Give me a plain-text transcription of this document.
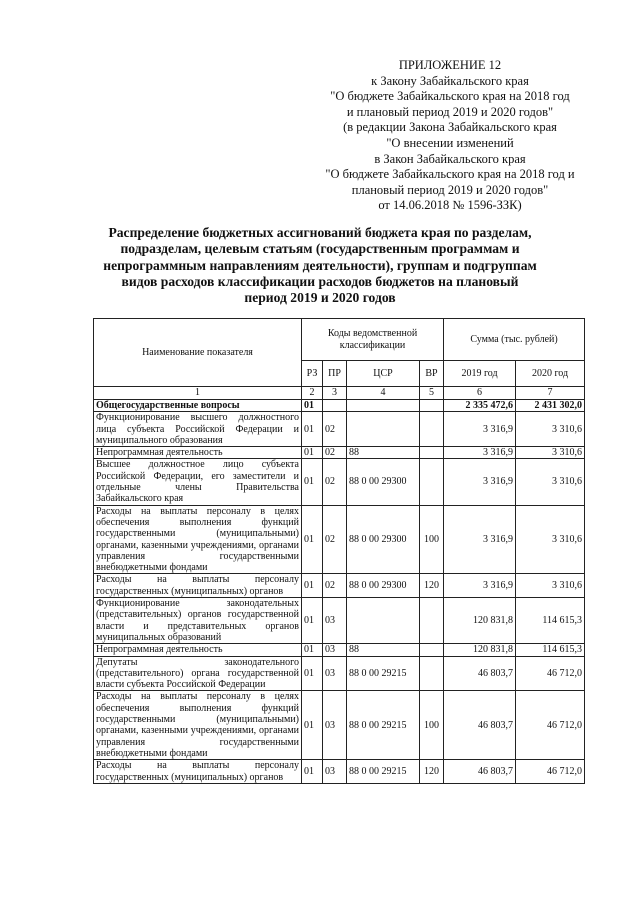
ПРИЛОЖЕНИЕ 12
к Закону Забайкальского края
"О бюджете Забайкальского края на 2018 год
и плановый период 2019 и 2020 годов"
(в редакции Закона Забайкальского края
"О внесении изменений
в Закон Забайкальского края
"О бюджете Забайкальского края на 2018 год и
плановый период 2019 и 2020 годов"
от 14.06.2018 № 1596-ЗЗК)
Распределение бюджетных ассигнований бюджета края по разделам,
подразделам, целевым статьям (государственным программам и
непрограммным направлениям деятельности), группам и подгруппам
видов расходов классификации расходов бюджетов на плановый
период 2019 и 2020 годов
Наименование показателя	Коды ведомственной классификации				Сумма (тыс. рублей)	
	РЗ	ПР	ЦСР	ВР	2019 год	2020 год
1	2	3	4	5	6	7
Общегосударственные вопросы	01				2 335 472,6	2 431 302,0
Функционирование высшего должностного лица субъекта Российской Федерации и муниципального образования	01	02			3 316,9	3 310,6
Непрограммная деятельность	01	02	88		3 316,9	3 310,6
Высшее должностное лицо субъекта Российской Федерации, его заместители и отдельные члены Правительства Забайкальского края	01	02	88 0 00 29300		3 316,9	3 310,6
Расходы на выплаты персоналу в целях обеспечения выполнения функций государственными (муниципальными) органами, казенными учреждениями, органами управления государственными внебюджетными фондами	01	02	88 0 00 29300	100	3 316,9	3 310,6
Расходы на выплаты персоналу государственных (муниципальных) органов	01	02	88 0 00 29300	120	3 316,9	3 310,6
Функционирование законодательных (представительных) органов государственной власти и представительных органов муниципальных образований	01	03			120 831,8	114 615,3
Непрограммная деятельность	01	03	88		120 831,8	114 615,3
Депутаты законодательного (представительного) органа государственной власти субъекта Российской Федерации	01	03	88 0 00 29215		46 803,7	46 712,0
Расходы на выплаты персоналу в целях обеспечения выполнения функций государственными (муниципальными) органами, казенными учреждениями, органами управления государственными внебюджетными фондами	01	03	88 0 00 29215	100	46 803,7	46 712,0
Расходы на выплаты персоналу государственных (муниципальных) органов	01	03	88 0 00 29215	120	46 803,7	46 712,0
